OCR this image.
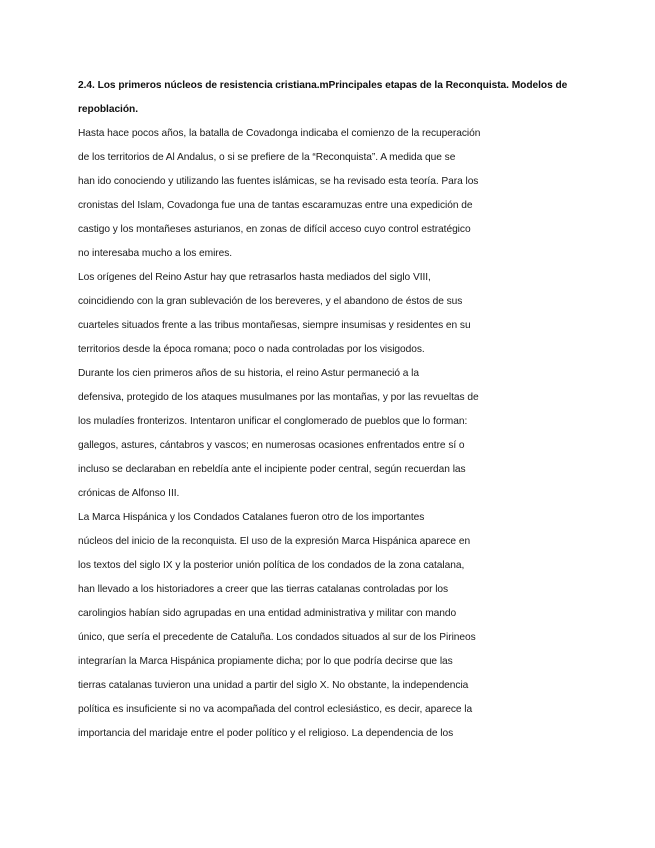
2.4. Los primeros núcleos de resistencia cristiana.mPrincipales etapas de la Reconquista. Modelos de
repoblación.
Hasta hace pocos años, la batalla de Covadonga indicaba el comienzo de la recuperación
de los territorios de Al Andalus, o si se prefiere de la “Reconquista”. A medida que se
han ido conociendo y utilizando las fuentes islámicas, se ha revisado esta teoría. Para los
cronistas del Islam, Covadonga fue una de tantas escaramuzas entre una expedición de
castigo y los montañeses asturianos, en zonas de difícil acceso cuyo control estratégico
no interesaba mucho a los emires.
Los orígenes del Reino Astur hay que retrasarlos hasta mediados del siglo VIII,
coincidiendo con la gran sublevación de los bereveres, y el abandono de éstos de sus
cuarteles situados frente a las tribus montañesas, siempre insumisas y residentes en su
territorios desde la época romana; poco o nada controladas por los visigodos.
Durante los cien primeros años de su historia, el reino Astur permaneció a la
defensiva, protegido de los ataques musulmanes por las montañas, y por las revueltas de
los muladíes fronterizos. Intentaron unificar el conglomerado de pueblos que lo forman:
gallegos, astures, cántabros y vascos; en numerosas ocasiones enfrentados entre sí o
incluso se declaraban en rebeldía ante el incipiente poder central, según recuerdan las
crónicas de Alfonso III.
La Marca Hispánica y los Condados Catalanes fueron otro de los importantes
núcleos del inicio de la reconquista. El uso de la expresión Marca Hispánica aparece en
los textos del siglo IX y la posterior unión política de los condados de la zona catalana,
han llevado a los historiadores a creer que las tierras catalanas controladas por los
carolingios habían sido agrupadas en una entidad administrativa y militar con mando
único, que sería el precedente de Cataluña. Los condados situados al sur de los Pirineos
integrarían la Marca Hispánica propiamente dicha; por lo que podría decirse que las
tierras catalanas tuvieron una unidad a partir del siglo X. No obstante, la independencia
política es insuficiente si no va acompañada del control eclesiástico, es decir, aparece la
importancia del maridaje entre el poder político y el religioso. La dependencia de los
